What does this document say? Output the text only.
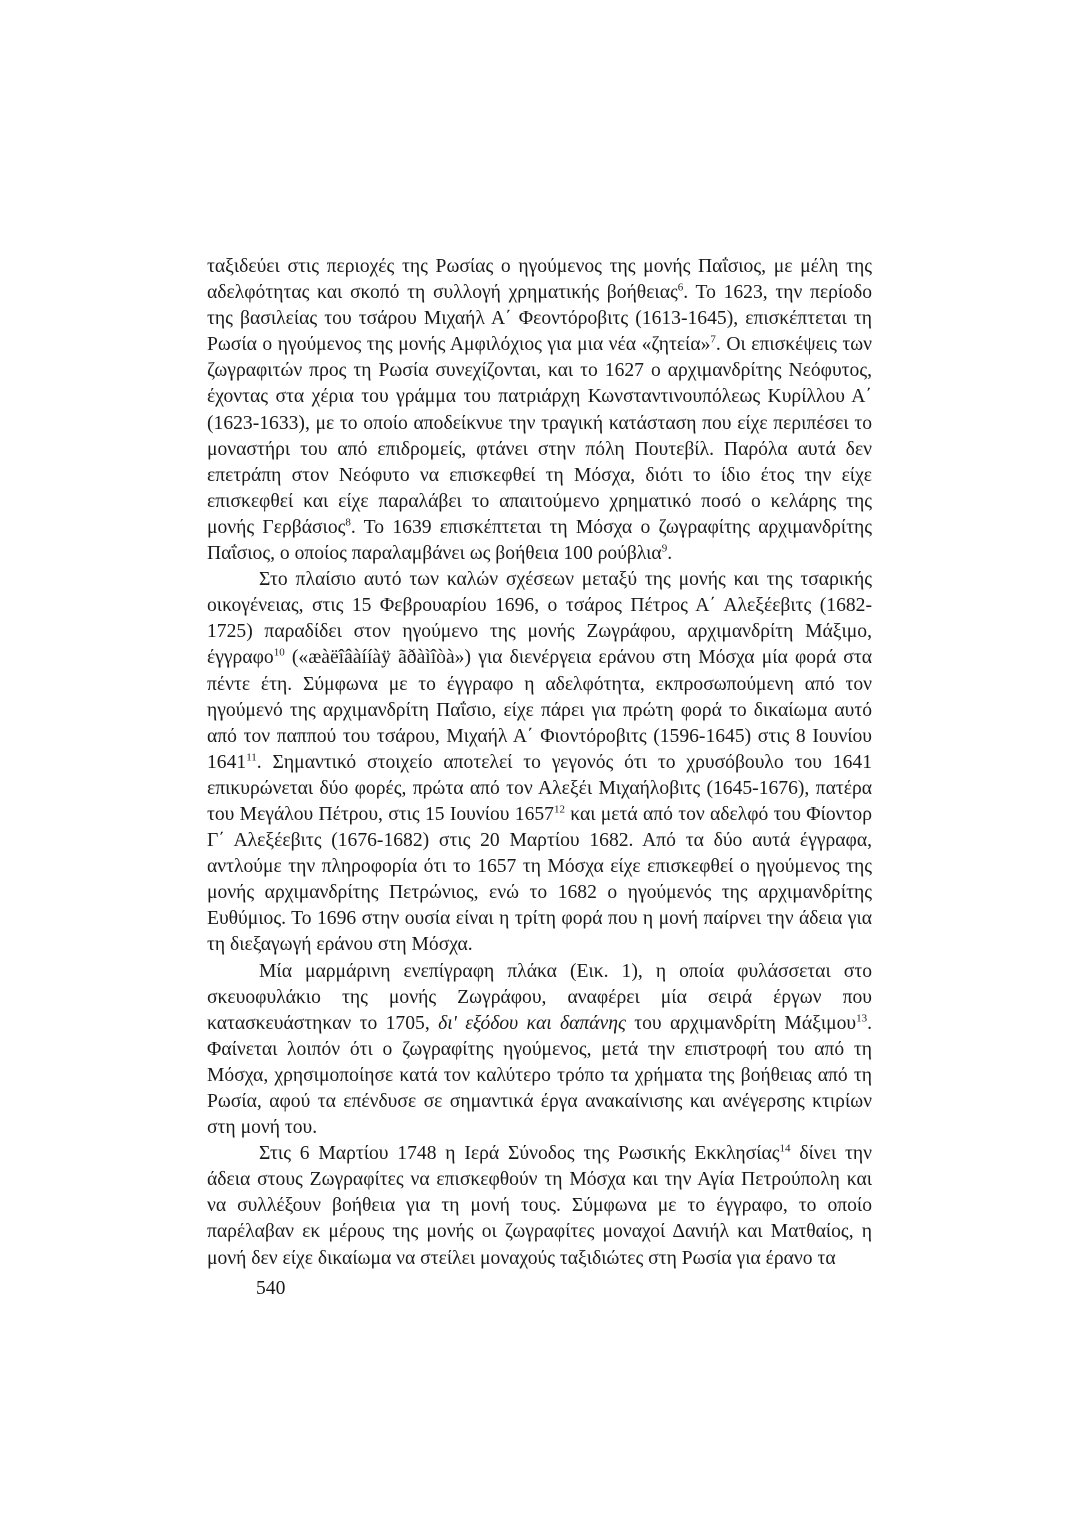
ταξιδεύει στις περιοχές της Ρωσίας ο ηγούμενος της μονής Παΐσιος, με μέλη της αδελφότητας και σκοπό τη συλλογή χρηματικής βοήθειας$^6$. Το 1623, την περίοδο της βασιλείας του τσάρου Μιχαήλ Α΄ Φεοντόροβιτς (1613-1645), επισκέπτεται τη Ρωσία ο ηγούμενος της μονής Αμφιλόχιος για μια νέα «ζητεία»$^7$. Οι επισκέψεις των ζωγραφιτών προς τη Ρωσία συνεχίζονται, και το 1627 ο αρχιμανδρίτης Νεόφυτος, έχοντας στα χέρια του γράμμα του πατριάρχη Κωνσταντινουπόλεως Κυρίλλου Α΄ (1623-1633), με το οποίο αποδείκνυε την τραγική κατάσταση που είχε περιπέσει το μοναστήρι του από επιδρομείς, φτάνει στην πόλη Πουτεβίλ. Παρόλα αυτά δεν επετράπη στον Νεόφυτο να επισκεφθεί τη Μόσχα, διότι το ίδιο έτος την είχε επισκεφθεί και είχε παραλάβει το απαιτούμενο χρηματικό ποσό ο κελάρης της μονής Γερβάσιος$^8$. Το 1639 επισκέπτεται τη Μόσχα ο ζωγραφίτης αρχιμανδρίτης Παΐσιος, ο οποίος παραλαμβάνει ως βοήθεια 100 ρούβλια$^9$.

Στο πλαίσιο αυτό των καλών σχέσεων μεταξύ της μονής και της τσαρικής οικογένειας, στις 15 Φεβρουαρίου 1696, ο τσάρος Πέτρος Α΄ Αλεξέεβιτς (1682-1725) παραδίδει στον ηγούμενο της μονής Ζωγράφου, αρχιμανδρίτη Μάξιμο, έγγραφο$^{10}$ («æàëîâàííàÿ ãðàìîòà») για διενέργεια εράνου στη Μόσχα μία φορά στα πέντε έτη. Σύμφωνα με το έγγραφο η αδελφότητα, εκπροσωπούμενη από τον ηγούμενό της αρχιμανδρίτη Παΐσιο, είχε πάρει για πρώτη φορά το δικαίωμα αυτό από τον παππού του τσάρου, Μιχαήλ Α΄ Φιοντόροβιτς (1596-1645) στις 8 Ιουνίου 1641$^{11}$. Σημαντικό στοιχείο αποτελεί το γεγονός ότι το χρυσόβουλο του 1641 επικυρώνεται δύο φορές, πρώτα από τον Αλεξέι Μιχαήλοβιτς (1645-1676), πατέρα του Μεγάλου Πέτρου, στις 15 Ιουνίου 1657$^{12}$ και μετά από τον αδελφό του Φίοντορ Γ΄ Αλεξέεβιτς (1676-1682) στις 20 Μαρτίου 1682. Από τα δύο αυτά έγγραφα, αντλούμε την πληροφορία ότι το 1657 τη Μόσχα είχε επισκεφθεί ο ηγούμενος της μονής αρχιμανδρίτης Πετρώνιος, ενώ το 1682 ο ηγούμενός της αρχιμανδρίτης Ευθύμιος. Το 1696 στην ουσία είναι η τρίτη φορά που η μονή παίρνει την άδεια για τη διεξαγωγή εράνου στη Μόσχα.

Μία μαρμάρινη ενεπίγραφη πλάκα (Εικ. 1), η οποία φυλάσσεται στο σκευοφυλάκιο της μονής Ζωγράφου, αναφέρει μία σειρά έργων που κατασκευάστηκαν το 1705, δι' εξόδου και δαπάνης του αρχιμανδρίτη Μάξιμου$^{13}$. Φαίνεται λοιπόν ότι ο ζωγραφίτης ηγούμενος, μετά την επιστροφή του από τη Μόσχα, χρησιμοποίησε κατά τον καλύτερο τρόπο τα χρήματα της βοήθειας από τη Ρωσία, αφού τα επένδυσε σε σημαντικά έργα ανακαίνισης και ανέγερσης κτιρίων στη μονή του.

Στις 6 Μαρτίου 1748 η Ιερά Σύνοδος της Ρωσικής Εκκλησίας$^{14}$ δίνει την άδεια στους Ζωγραφίτες να επισκεφθούν τη Μόσχα και την Αγία Πετρούπολη και να συλλέξουν βοήθεια για τη μονή τους. Σύμφωνα με το έγγραφο, το οποίο παρέλαβαν εκ μέρους της μονής οι ζωγραφίτες μοναχοί Δανιήλ και Ματθαίος, η μονή δεν είχε δικαίωμα να στείλει μοναχούς ταξιδιώτες στη Ρωσία για έρανο τα

540
